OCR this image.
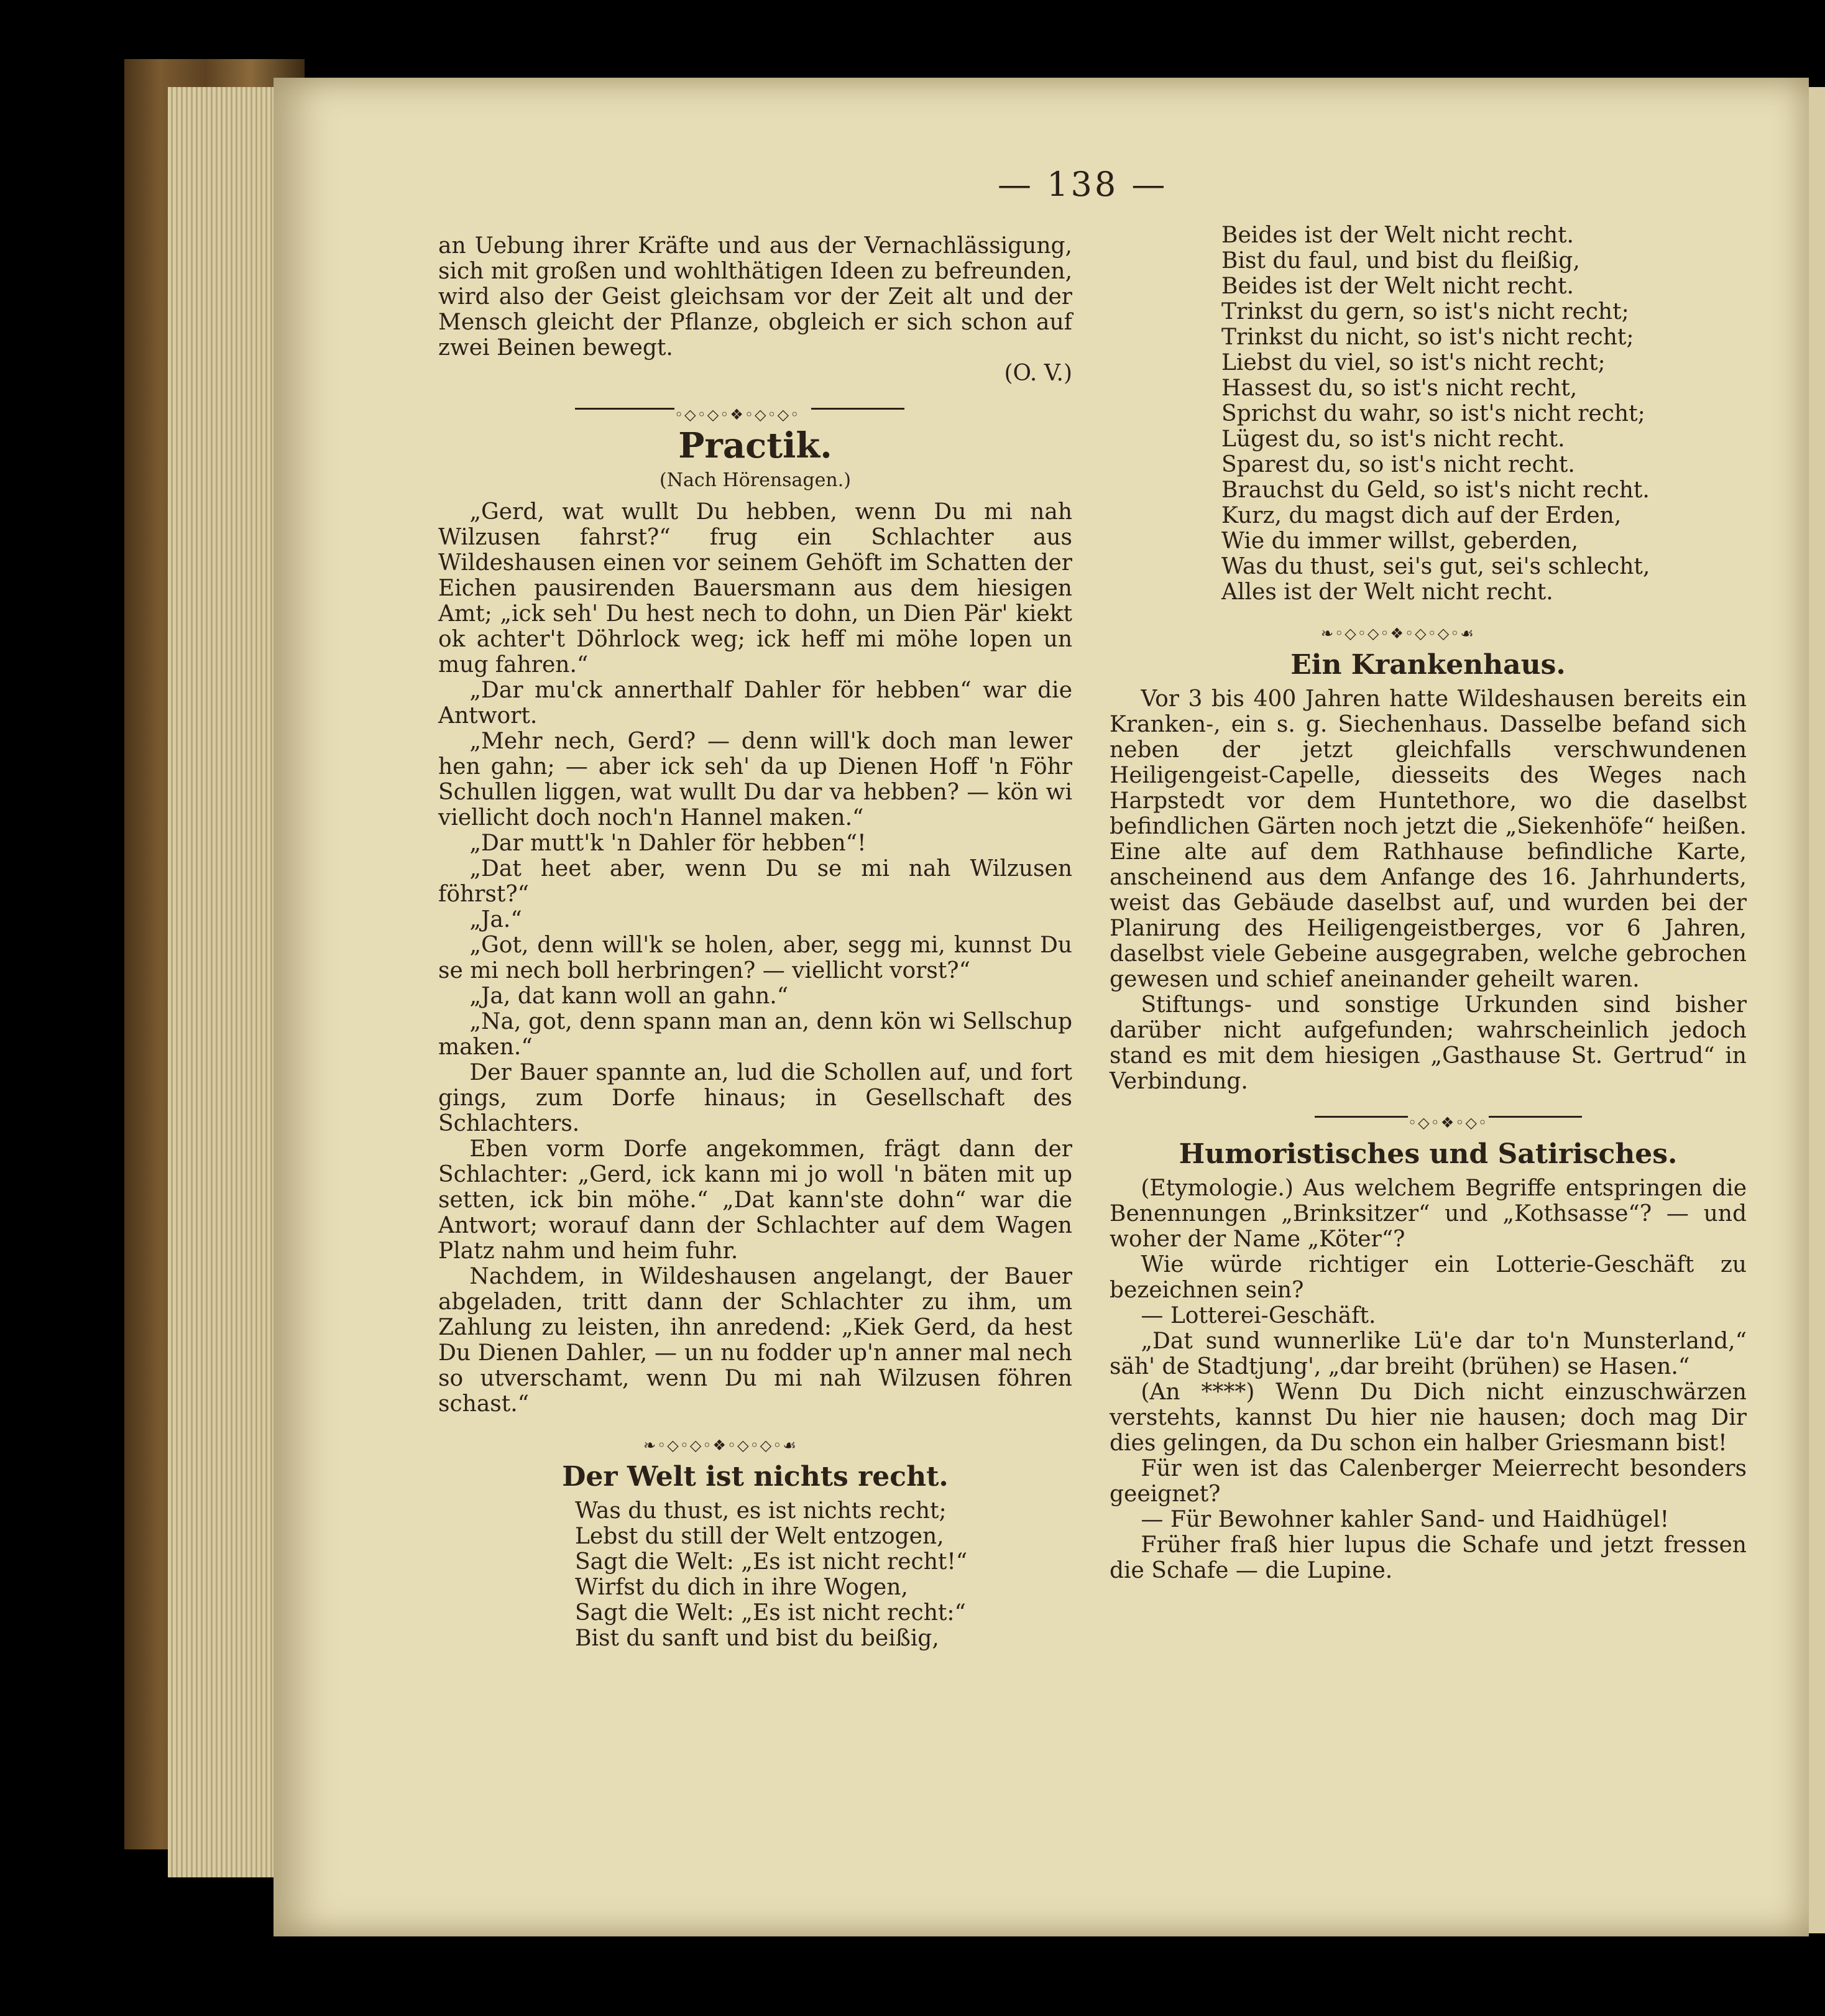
— 138 —

an Uebung ihrer Kräfte und aus der Vernachlässigung, sich mit großen und wohlthätigen Ideen zu befreunden, wird also der Geist gleichsam vor der Zeit alt und der Mensch gleicht der Pflanze, obgleich er sich schon auf zwei Beinen bewegt.

(O. V.)
◦◇◦◇◦❖◦◇◦◇◦
Practik.
(Nach Hörensagen.)

„Gerd, wat wullt Du hebben, wenn Du mi nah Wilzusen fahrst?“ frug ein Schlachter aus Wildeshausen einen vor seinem Gehöft im Schatten der Eichen pausirenden Bauersmann aus dem hiesigen Amt; „ick seh' Du hest nech to dohn, un Dien Pär' kiekt ok achter't Döhrlock weg; ick heff mi möhe lopen un mug fahren.“

„Dar mu'ck annerthalf Dahler för hebben“ war die Antwort.

„Mehr nech, Gerd? — denn will'k doch man lewer hen gahn; — aber ick seh' da up Dienen Hoff 'n Föhr Schullen liggen, wat wullt Du dar va hebben? — kön wi viellicht doch noch'n Hannel maken.“

„Dar mutt'k 'n Dahler för hebben“!

„Dat heet aber, wenn Du se mi nah Wilzusen föhrst?“

„Ja.“

„Got, denn will'k se holen, aber, segg mi, kunnst Du se mi nech boll herbringen? — viellicht vorst?“

„Ja, dat kann woll an gahn.“

„Na, got, denn spann man an, denn kön wi Sellschup maken.“

Der Bauer spannte an, lud die Schollen auf, und fort gings, zum Dorfe hinaus; in Gesellschaft des Schlachters.

Eben vorm Dorfe angekommen, frägt dann der Schlachter: „Gerd, ick kann mi jo woll 'n bäten mit up setten, ick bin möhe.“ „Dat kann'ste dohn“ war die Antwort; worauf dann der Schlachter auf dem Wagen Platz nahm und heim fuhr.

Nachdem, in Wildeshausen angelangt, der Bauer abgeladen, tritt dann der Schlachter zu ihm, um Zahlung zu leisten, ihn anredend: „Kiek Gerd, da hest Du Dienen Dahler, — un nu fodder up'n anner mal nech so utverschamt, wenn Du mi nah Wilzusen föhren schast.“

❧◦◇◦◇◦❖◦◇◦◇◦☙
Der Welt ist nichts recht.
Was du thust, es ist nichts recht;
Lebst du still der Welt entzogen,
Sagt die Welt: „Es ist nicht recht!“
Wirfst du dich in ihre Wogen,
Sagt die Welt: „Es ist nicht recht:“
Bist du sanft und bist du beißig,
Beides ist der Welt nicht recht.
Bist du faul, und bist du fleißig,
Beides ist der Welt nicht recht.
Trinkst du gern, so ist's nicht recht;
Trinkst du nicht, so ist's nicht recht;
Liebst du viel, so ist's nicht recht;
Hassest du, so ist's nicht recht,
Sprichst du wahr, so ist's nicht recht;
Lügest du, so ist's nicht recht.
Sparest du, so ist's nicht recht.
Brauchst du Geld, so ist's nicht recht.
Kurz, du magst dich auf der Erden,
Wie du immer willst, geberden,
Was du thust, sei's gut, sei's schlecht,
Alles ist der Welt nicht recht.
❧◦◇◦◇◦❖◦◇◦◇◦☙
Ein Krankenhaus.

Vor 3 bis 400 Jahren hatte Wildeshausen bereits ein Kranken-, ein s. g. Siechenhaus. Dasselbe befand sich neben der jetzt gleichfalls verschwundenen Heiligengeist-Capelle, diesseits des Weges nach Harpstedt vor dem Huntethore, wo die daselbst befindlichen Gärten noch jetzt die „Siekenhöfe“ heißen. Eine alte auf dem Rathhause befindliche Karte, anscheinend aus dem Anfange des 16. Jahrhunderts, weist das Gebäude daselbst auf, und wurden bei der Planirung des Heiligengeistberges, vor 6 Jahren, daselbst viele Gebeine ausgegraben, welche gebrochen gewesen und schief aneinander geheilt waren.

Stiftungs- und sonstige Urkunden sind bisher darüber nicht aufgefunden; wahrscheinlich jedoch stand es mit dem hiesigen „Gasthause St. Gertrud“ in Verbindung.

◦◇◦❖◦◇◦
Humoristisches und Satirisches.

(Etymologie.) Aus welchem Begriffe entspringen die Benennungen „Brinksitzer“ und „Kothsasse“? — und woher der Name „Köter“?

Wie würde richtiger ein Lotterie-Geschäft zu bezeichnen sein?

— Lotterei-Geschäft.

„Dat sund wunnerlike Lü'e dar to'n Munsterland,“ säh' de Stadtjung', „dar breiht (brühen) se Hasen.“

(An ****) Wenn Du Dich nicht einzuschwärzen verstehts, kannst Du hier nie hausen; doch mag Dir dies gelingen, da Du schon ein halber Griesmann bist!

Für wen ist das Calenberger Meierrecht besonders geeignet?

— Für Bewohner kahler Sand- und Haidhügel!

Früher fraß hier lupus die Schafe und jetzt fressen die Schafe — die Lupine.
